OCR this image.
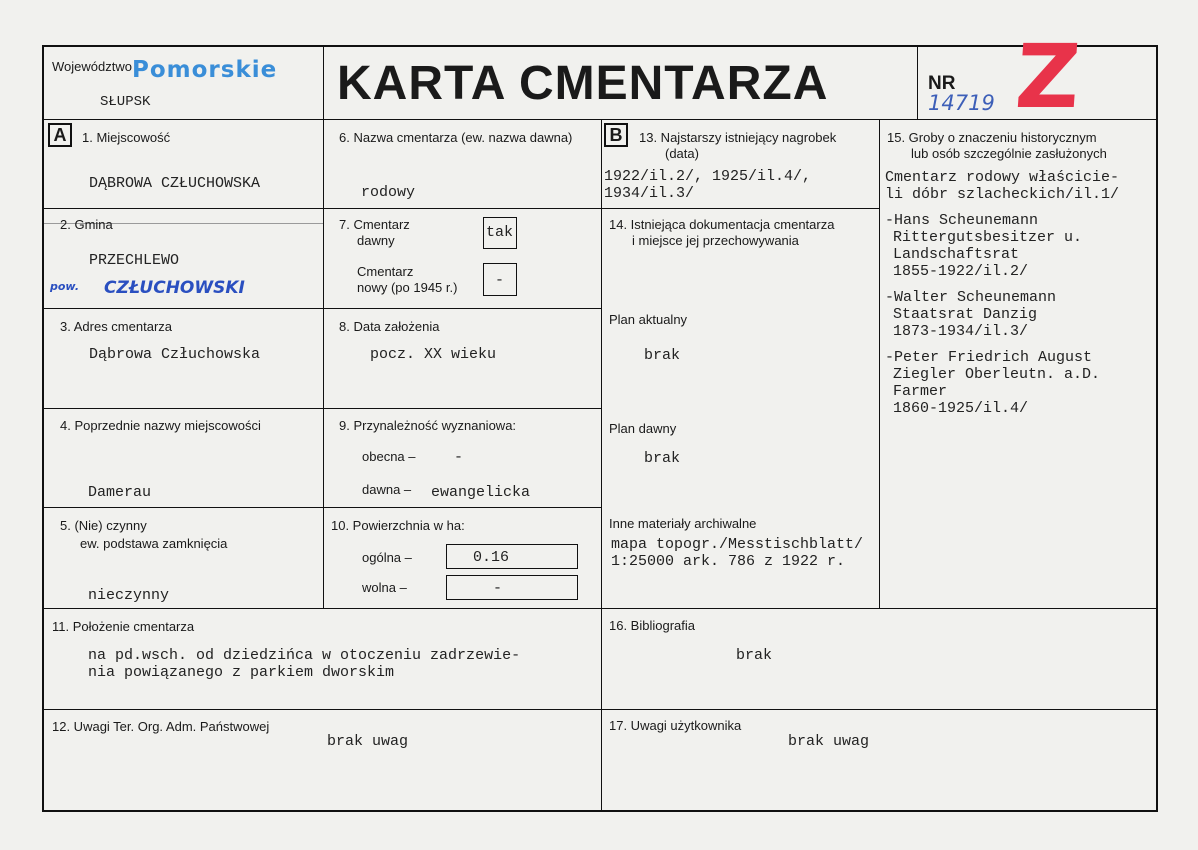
Województwo Pomorskie
SŁUPSK	KARTA CMENTARZA	NR
14719 Z
A	1. Miejscowość
DĄBROWA CZŁUCHOWSKA
2. Gmina
PRZECHLEWO
pow. CZŁUCHOWSKI
3. Adres cmentarza
Dąbrowa Człuchowska
4. Poprzednie nazwy miejscowości
Damerau
5. (Nie) czynny
ew. podstawa zamknięcia
nieczynny
6. Nazwa cmentarza (ew. nazwa dawna)
rodowy
7. Cmentarz
dawny	tak
Cmentarz
nowy (po 1945 r.)	-
8. Data założenia
pocz. XX wieku
9. Przynależność wyznaniowa:
obecna –	-
dawna – ewangelicka
10. Powierzchnia w ha:
ogólna –	0.16
wolna –	-
11. Położenie cmentarza
na pd.wsch. od dziedzińca w otoczeniu zadrzewie-
nia powiązanego z parkiem dworskim
12. Uwagi Ter. Org. Adm. Państwowej
brak uwag
B	13. Najstarszy istniejący nagrobek
(data)
1922/il.2/, 1925/il.4/,
1934/il.3/
14. Istniejąca dokumentacja cmentarza
i miejsce jej przechowywania
Plan aktualny
brak
Plan dawny
brak
Inne materiały archiwalne
mapa topogr./Messtischblatt/
1:25000 ark. 786 z 1922 r.
15. Groby o znaczeniu historycznym
lub osób szczególnie zasłużonych
Cmentarz rodowy właścicie-
li dóbr szlacheckich/il.1/
-Hans Scheunemann
Rittergutsbesitzer u.
Landschaftsrat
1855-1922/il.2/
-Walter Scheunemann
Staatsrat Danzig
1873-1934/il.3/
-Peter Friedrich August
Ziegler Oberleutn. a.D.
Farmer
1860-1925/il.4/
16. Bibliografia
brak
17. Uwagi użytkownika
brak uwag
